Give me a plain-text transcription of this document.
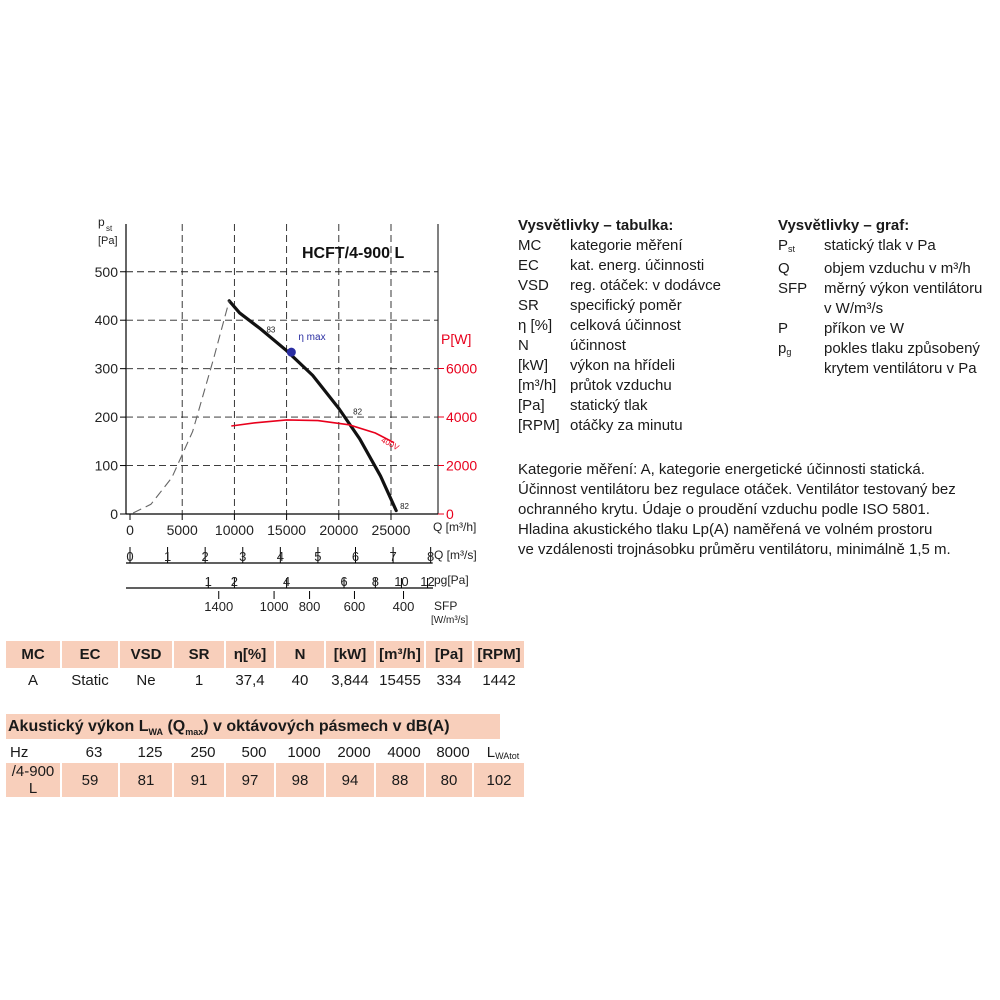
0
100
200
300
400
500
0 5000 10000 15000 20000 25000
0
2000
4000
6000
p st
[Pa]
P[W]
HCFT/4-900 L
Q [m³/h]
η max
83
82
82
400V
0 1 2 3 4 5 6 7 8 Q [m³/s]
1 2	4	6 8 10 12 pg[Pa]
1400 1000 800 600 400 SFP
[W/m³/s]
Vysvětlivky – tabulka:
MC	kategorie měření
EC	kat. energ. účinnosti
VSD	reg. otáček: v dodávce
SR	specifický poměr
η [%]	celková účinnost
N	účinnost
[kW]	výkon na hřídeli
[m³/h] průtok vzduchu
[Pa]	statický tlak
[RPM] otáčky za minutu
Vysvětlivky – graf:
Pst	statický tlak v Pa
Q	objem vzduchu v m³/h
SFP	měrný výkon ventilátoru v W/m³/s
P	příkon ve W
pg	pokles tlaku způsobený krytem ventilátoru v Pa
Kategorie měření: A, kategorie energetické účinnosti statická.
Účinnost ventilátoru bez regulace otáček. Ventilátor testovaný bez
ochranného krytu. Údaje o proudění vzduchu podle ISO 5801.
Hladina akustického tlaku Lp(A) naměřená ve volném prostoru
ve vzdálenosti trojnásobku průměru ventilátoru, minimálně 1,5 m.
MC	EC	VSD	SR	η[%]	N	[kW]	[m³/h]	[Pa]	[RPM]
A	Static	Ne	1	37,4	40	3,844	15455	334	1442
Akustický výkon $L_{WA}$ $(Q_{max})$ v oktávových pásmech v dB(A)
Hz	63	125	250	500	1000	2000	4000	8000	LWAtot
/4-900 L	59	81	91	97	98	94	88	80	102
